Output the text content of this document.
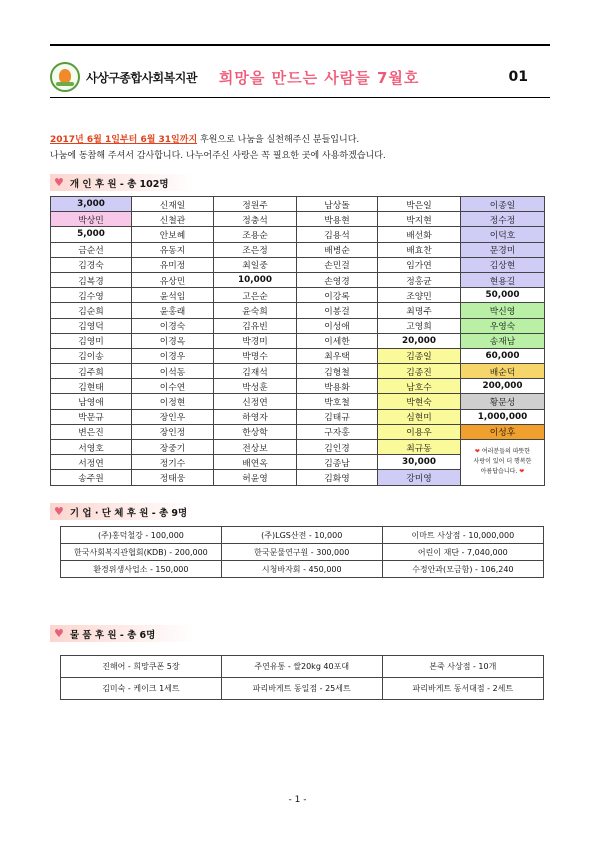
사상구종합사회복지관 희망을 만드는 사람들 7월호	01
2017년 6월 1일부터 6월 31일까지 후원으로 나눔을 실천해주신 분들입니다.
나눔에 동참해 주셔서 감사합니다. 나누어주신 사랑은 꼭 필요한 곳에 사용하겠습니다.
♥ 개 인 후 원 - 총 102명
3,000	신재일	정원주	남상돌	박은일	이종일
박상민	신철관	정충석	박용현	박지현	정수정
5,000	안보혜	조용순	김용석	배선화	이덕호
금순선	유동지	조은정	배병순	배효찬	문경미
김경숙	유미정	최일중	손민걸	임가연	김상현
김복경	유상민	10,000	손영경	정홍균	현용길
김수영	윤석임	고은순	이강록	조양민	50,000
김순희	윤홍래	윤숙희	이봉걸	최명주	박신영
김영덕	이경숙	김유빈	이성애	고영희	우영숙
김영미	이경옥	박경미	이세한	20,000	송재남
김이송	이경우	박명수	최우택	김종일	60,000
김주희	이석동	김재석	김형철	김종진	배순덕
김현태	이수연	박성훈	박용화	남호수	200,000
남영애	이정현	신정연	박호철	박현숙	황문성
박문규	장인우	하영자	김태규	심현미	1,000,000
변은진	장인정	한상학	구자홍	이용우	이성후
서영호	장중기	전상보	김인경	최규동	❤ 여러분들의 따뜻한
사랑이 있어 더 행복한
아름답습니다. ❤
서정연	정기수	배연옥	김종남	30,000	
송주원	정태웅	허윤영	김화영	강미영	
♥ 기 업 · 단 체 후 원 - 총 9명
(주)홍덕철강 - 100,000	(주)LGS산전 - 10,000	이마트 사상점 - 10,000,000
한국사회복지관협회(KDB) - 200,000	한국문물연구원 - 300,000	어린이 재단 - 7,040,000
환경위생사업소 - 150,000	시청바자회 - 450,000	수정안과(모금함) - 106,240
♥ 물 품 후 원 - 총 6명
진해어 - 희망쿠폰 5장	주연유통 - 쌀20kg 40포대	본죽 사상점 - 10개
김미숙 - 케이크 1세트	파리바게트 동일점 - 25세트	파리바게트 동서대점 - 2세트
- 1 -
